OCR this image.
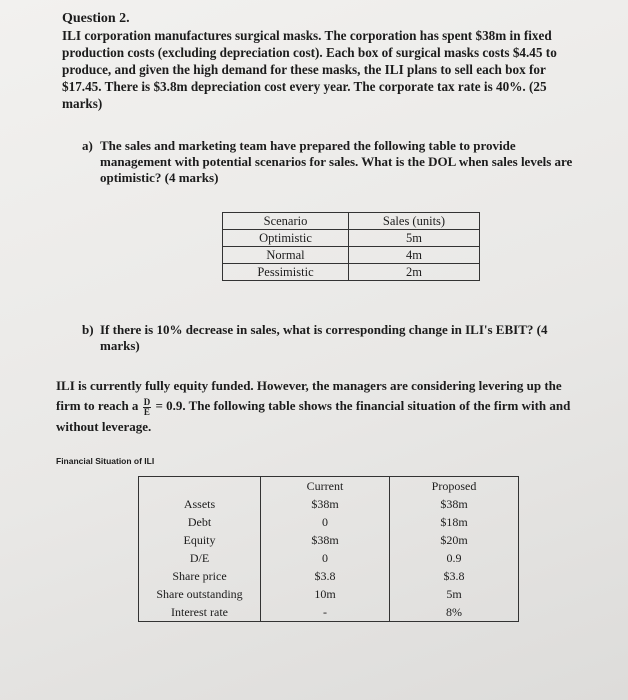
Question 2.
ILI corporation manufactures surgical masks. The corporation has spent $38m in fixed production costs (excluding depreciation cost). Each box of surgical masks costs $4.45 to produce, and given the high demand for these masks, the ILI plans to sell each box for $17.45. There is $3.8m depreciation cost every year. The corporate tax rate is 40%. (25 marks)
a) The sales and marketing team have prepared the following table to provide management with potential scenarios for sales. What is the DOL when sales levels are optimistic? (4 marks)
Scenario	Sales (units)
Optimistic	5m
Normal	4m
Pessimistic	2m
b) If there is 10% decrease in sales, what is corresponding change in ILI's EBIT? (4 marks)
ILI is currently fully equity funded. However, the managers are considering levering up the firm to reach a $\frac{D}{E} = 0.9$. The following table shows the financial situation of the firm with and without leverage.
Financial Situation of ILI
	Current	Proposed
Assets	$38m	$38m
Debt	0	$18m
Equity	$38m	$20m
D/E	0	0.9
Share price	$3.8	$3.8
Share outstanding	10m	5m
Interest rate	-	8%
